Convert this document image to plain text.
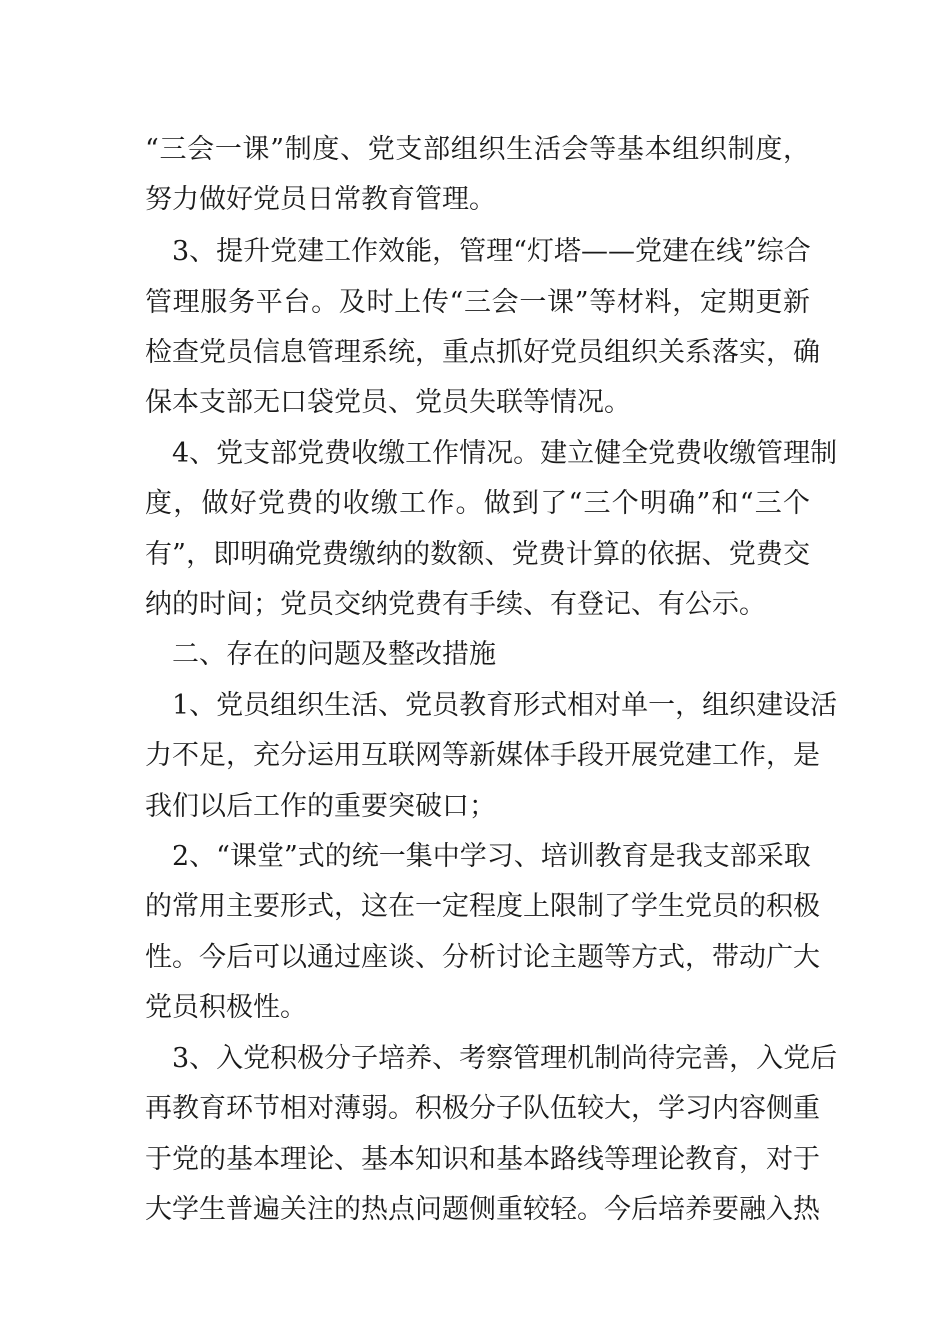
“三会一课”制度、党支部组织生活会等基本组织制度，
努力做好党员日常教育管理。
3、提升党建工作效能，管理“灯塔——党建在线”综合
管理服务平台。及时上传“三会一课”等材料，定期更新
检查党员信息管理系统，重点抓好党员组织关系落实，确
保本支部无口袋党员、党员失联等情况。
4、党支部党费收缴工作情况。建立健全党费收缴管理制
度，做好党费的收缴工作。做到了“三个明确”和“三个
有”，即明确党费缴纳的数额、党费计算的依据、党费交
纳的时间；党员交纳党费有手续、有登记、有公示。
二、存在的问题及整改措施
1、党员组织生活、党员教育形式相对单一，组织建设活
力不足，充分运用互联网等新媒体手段开展党建工作，是
我们以后工作的重要突破口；
2、“课堂”式的统一集中学习、培训教育是我支部采取
的常用主要形式，这在一定程度上限制了学生党员的积极
性。今后可以通过座谈、分析讨论主题等方式，带动广大
党员积极性。
3、入党积极分子培养、考察管理机制尚待完善，入党后
再教育环节相对薄弱。积极分子队伍较大，学习内容侧重
于党的基本理论、基本知识和基本路线等理论教育，对于
大学生普遍关注的热点问题侧重较轻。今后培养要融入热
